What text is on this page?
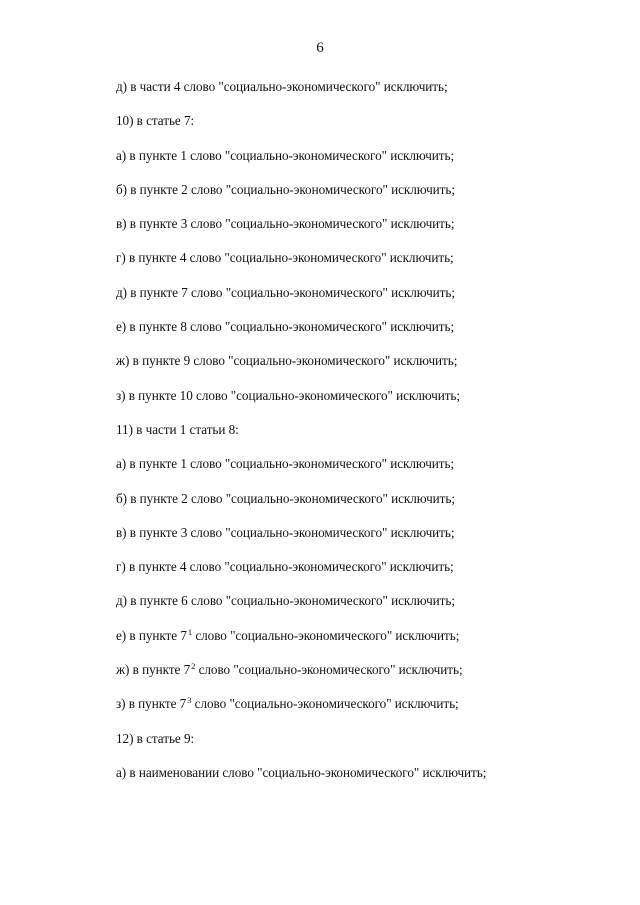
6
д) в части 4 слово "социально-экономического" исключить;
10) в статье 7:
а) в пункте 1 слово "социально-экономического" исключить;
б) в пункте 2 слово "социально-экономического" исключить;
в) в пункте 3 слово "социально-экономического" исключить;
г) в пункте 4 слово "социально-экономического" исключить;
д) в пункте 7 слово "социально-экономического" исключить;
е) в пункте 8 слово "социально-экономического" исключить;
ж) в пункте 9 слово "социально-экономического" исключить;
з) в пункте 10 слово "социально-экономического" исключить;
11) в части 1 статьи 8:
а) в пункте 1 слово "социально-экономического" исключить;
б) в пункте 2 слово "социально-экономического" исключить;
в) в пункте 3 слово "социально-экономического" исключить;
г) в пункте 4 слово "социально-экономического" исключить;
д) в пункте 6 слово "социально-экономического" исключить;
е) в пункте $7^1$ слово "социально-экономического" исключить;
ж) в пункте $7^2$ слово "социально-экономического" исключить;
з) в пункте $7^3$ слово "социально-экономического" исключить;
12) в статье 9:
а) в наименовании слово "социально-экономического" исключить;
